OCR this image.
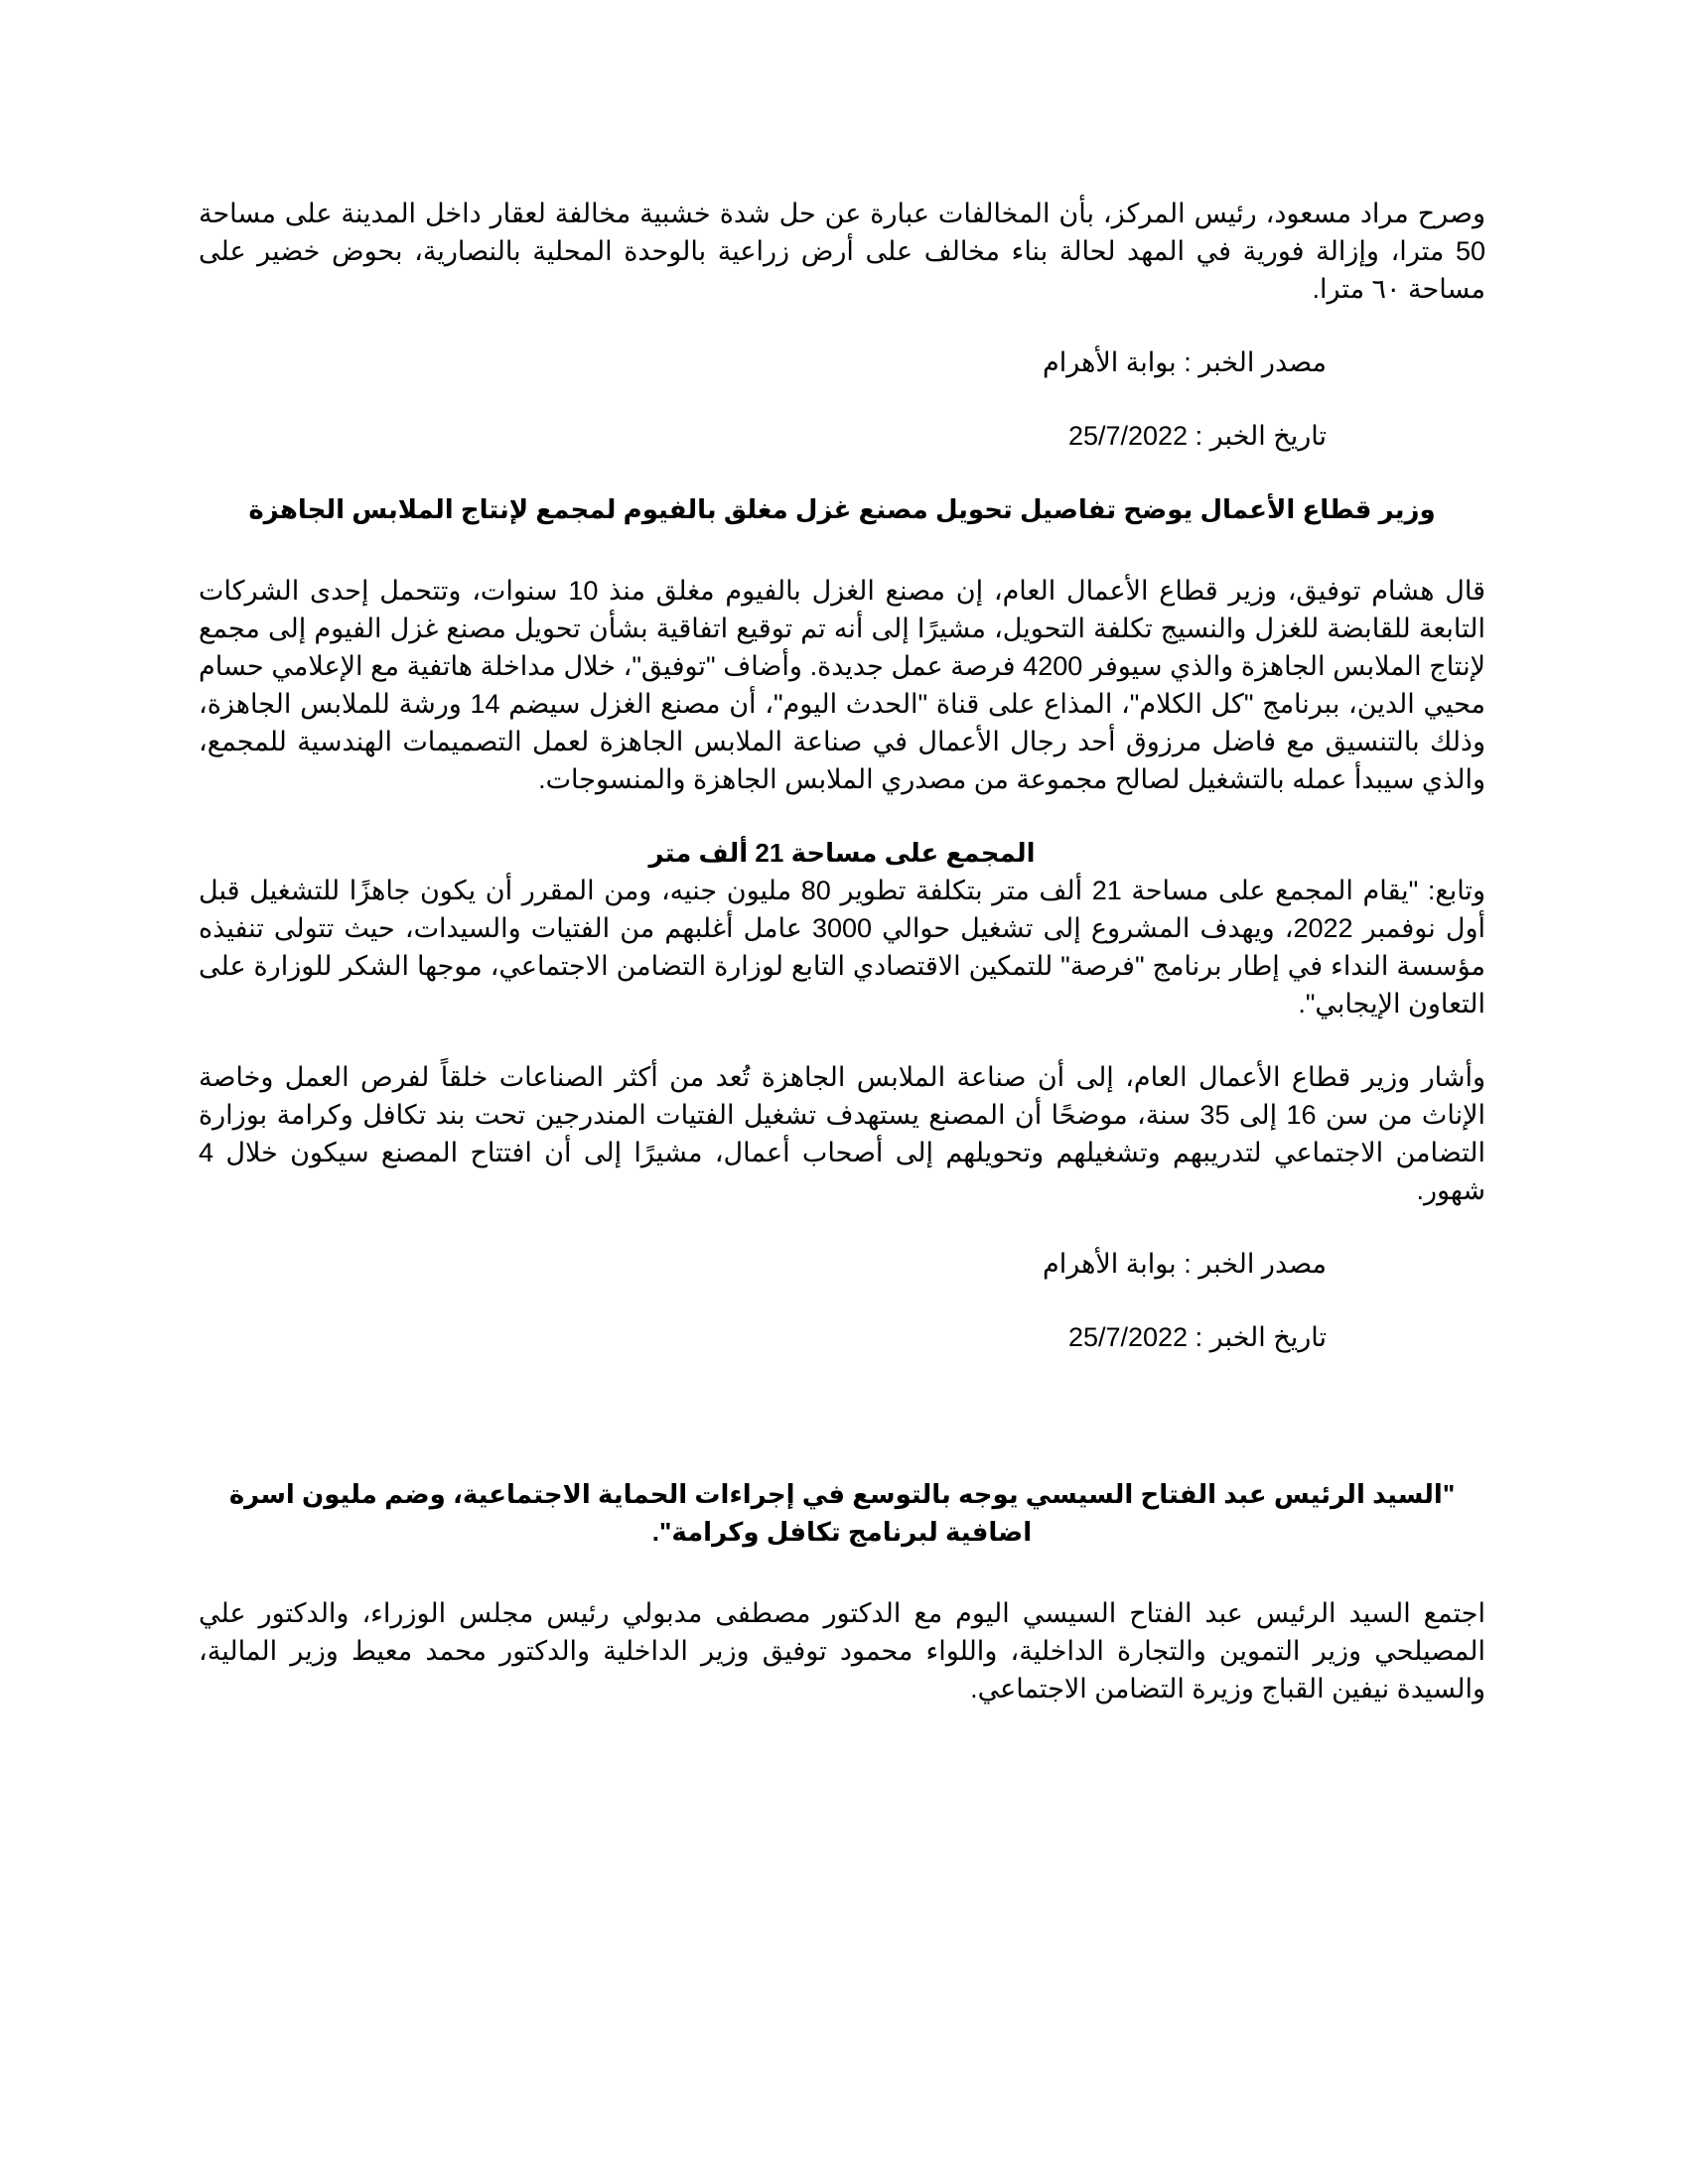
وصرح مراد مسعود، رئيس المركز، بأن المخالفات عبارة عن حل شدة خشبية مخالفة لعقار داخل المدينة على مساحة 50 مترا، وإزالة فورية في المهد لحالة بناء مخالف على أرض زراعية بالوحدة المحلية بالنصارية، بحوض خضير على مساحة ٦٠ مترا.

مصدر الخبر : بوابة الأهرام

تاريخ الخبر : 25/7/2022

وزير قطاع الأعمال يوضح تفاصيل تحويل مصنع غزل مغلق بالفيوم لمجمع لإنتاج الملابس الجاهزة

قال هشام توفيق، وزير قطاع الأعمال العام، إن مصنع الغزل بالفيوم مغلق منذ 10 سنوات، وتتحمل إحدى الشركات التابعة للقابضة للغزل والنسيج تكلفة التحويل، مشيرًا إلى أنه تم توقيع اتفاقية بشأن تحويل مصنع غزل الفيوم إلى مجمع لإنتاج الملابس الجاهزة والذي سيوفر 4200 فرصة عمل جديدة. وأضاف "توفيق"، خلال مداخلة هاتفية مع الإعلامي حسام محيي الدين، ببرنامج "كل الكلام"، المذاع على قناة "الحدث اليوم"، أن مصنع الغزل سيضم 14 ورشة للملابس الجاهزة، وذلك بالتنسيق مع فاضل مرزوق أحد رجال الأعمال في صناعة الملابس الجاهزة لعمل التصميمات الهندسية للمجمع، والذي سيبدأ عمله بالتشغيل لصالح مجموعة من مصدري الملابس الجاهزة والمنسوجات.

المجمع على مساحة 21 ألف متر

وتابع: "يقام المجمع على مساحة 21 ألف متر بتكلفة تطوير 80 مليون جنيه، ومن المقرر أن يكون جاهزًا للتشغيل قبل أول نوفمبر 2022، ويهدف المشروع إلى تشغيل حوالي 3000 عامل أغلبهم من الفتيات والسيدات، حيث تتولى تنفيذه مؤسسة النداء في إطار برنامج "فرصة" للتمكين الاقتصادي التابع لوزارة التضامن الاجتماعي، موجها الشكر للوزارة على التعاون الإيجابي".

وأشار وزير قطاع الأعمال العام، إلى أن صناعة الملابس الجاهزة تُعد من أكثر الصناعات خلقاً لفرص العمل وخاصة الإناث من سن 16 إلى 35 سنة، موضحًا أن المصنع يستهدف تشغيل الفتيات المندرجين تحت بند تكافل وكرامة بوزارة التضامن الاجتماعي لتدريبهم وتشغيلهم وتحويلهم إلى أصحاب أعمال، مشيرًا إلى أن افتتاح المصنع سيكون خلال 4 شهور.

مصدر الخبر : بوابة الأهرام

تاريخ الخبر : 25/7/2022

"السيد الرئيس عبد الفتاح السيسي يوجه بالتوسع في إجراءات الحماية الاجتماعية، وضم مليون اسرة اضافية لبرنامج تكافل وكرامة".

اجتمع السيد الرئيس عبد الفتاح السيسي اليوم مع الدكتور مصطفى مدبولي رئيس مجلس الوزراء، والدكتور علي المصيلحي وزير التموين والتجارة الداخلية، واللواء محمود توفيق وزير الداخلية والدكتور محمد معيط وزير المالية، والسيدة نيفين القباج وزيرة التضامن الاجتماعي.
